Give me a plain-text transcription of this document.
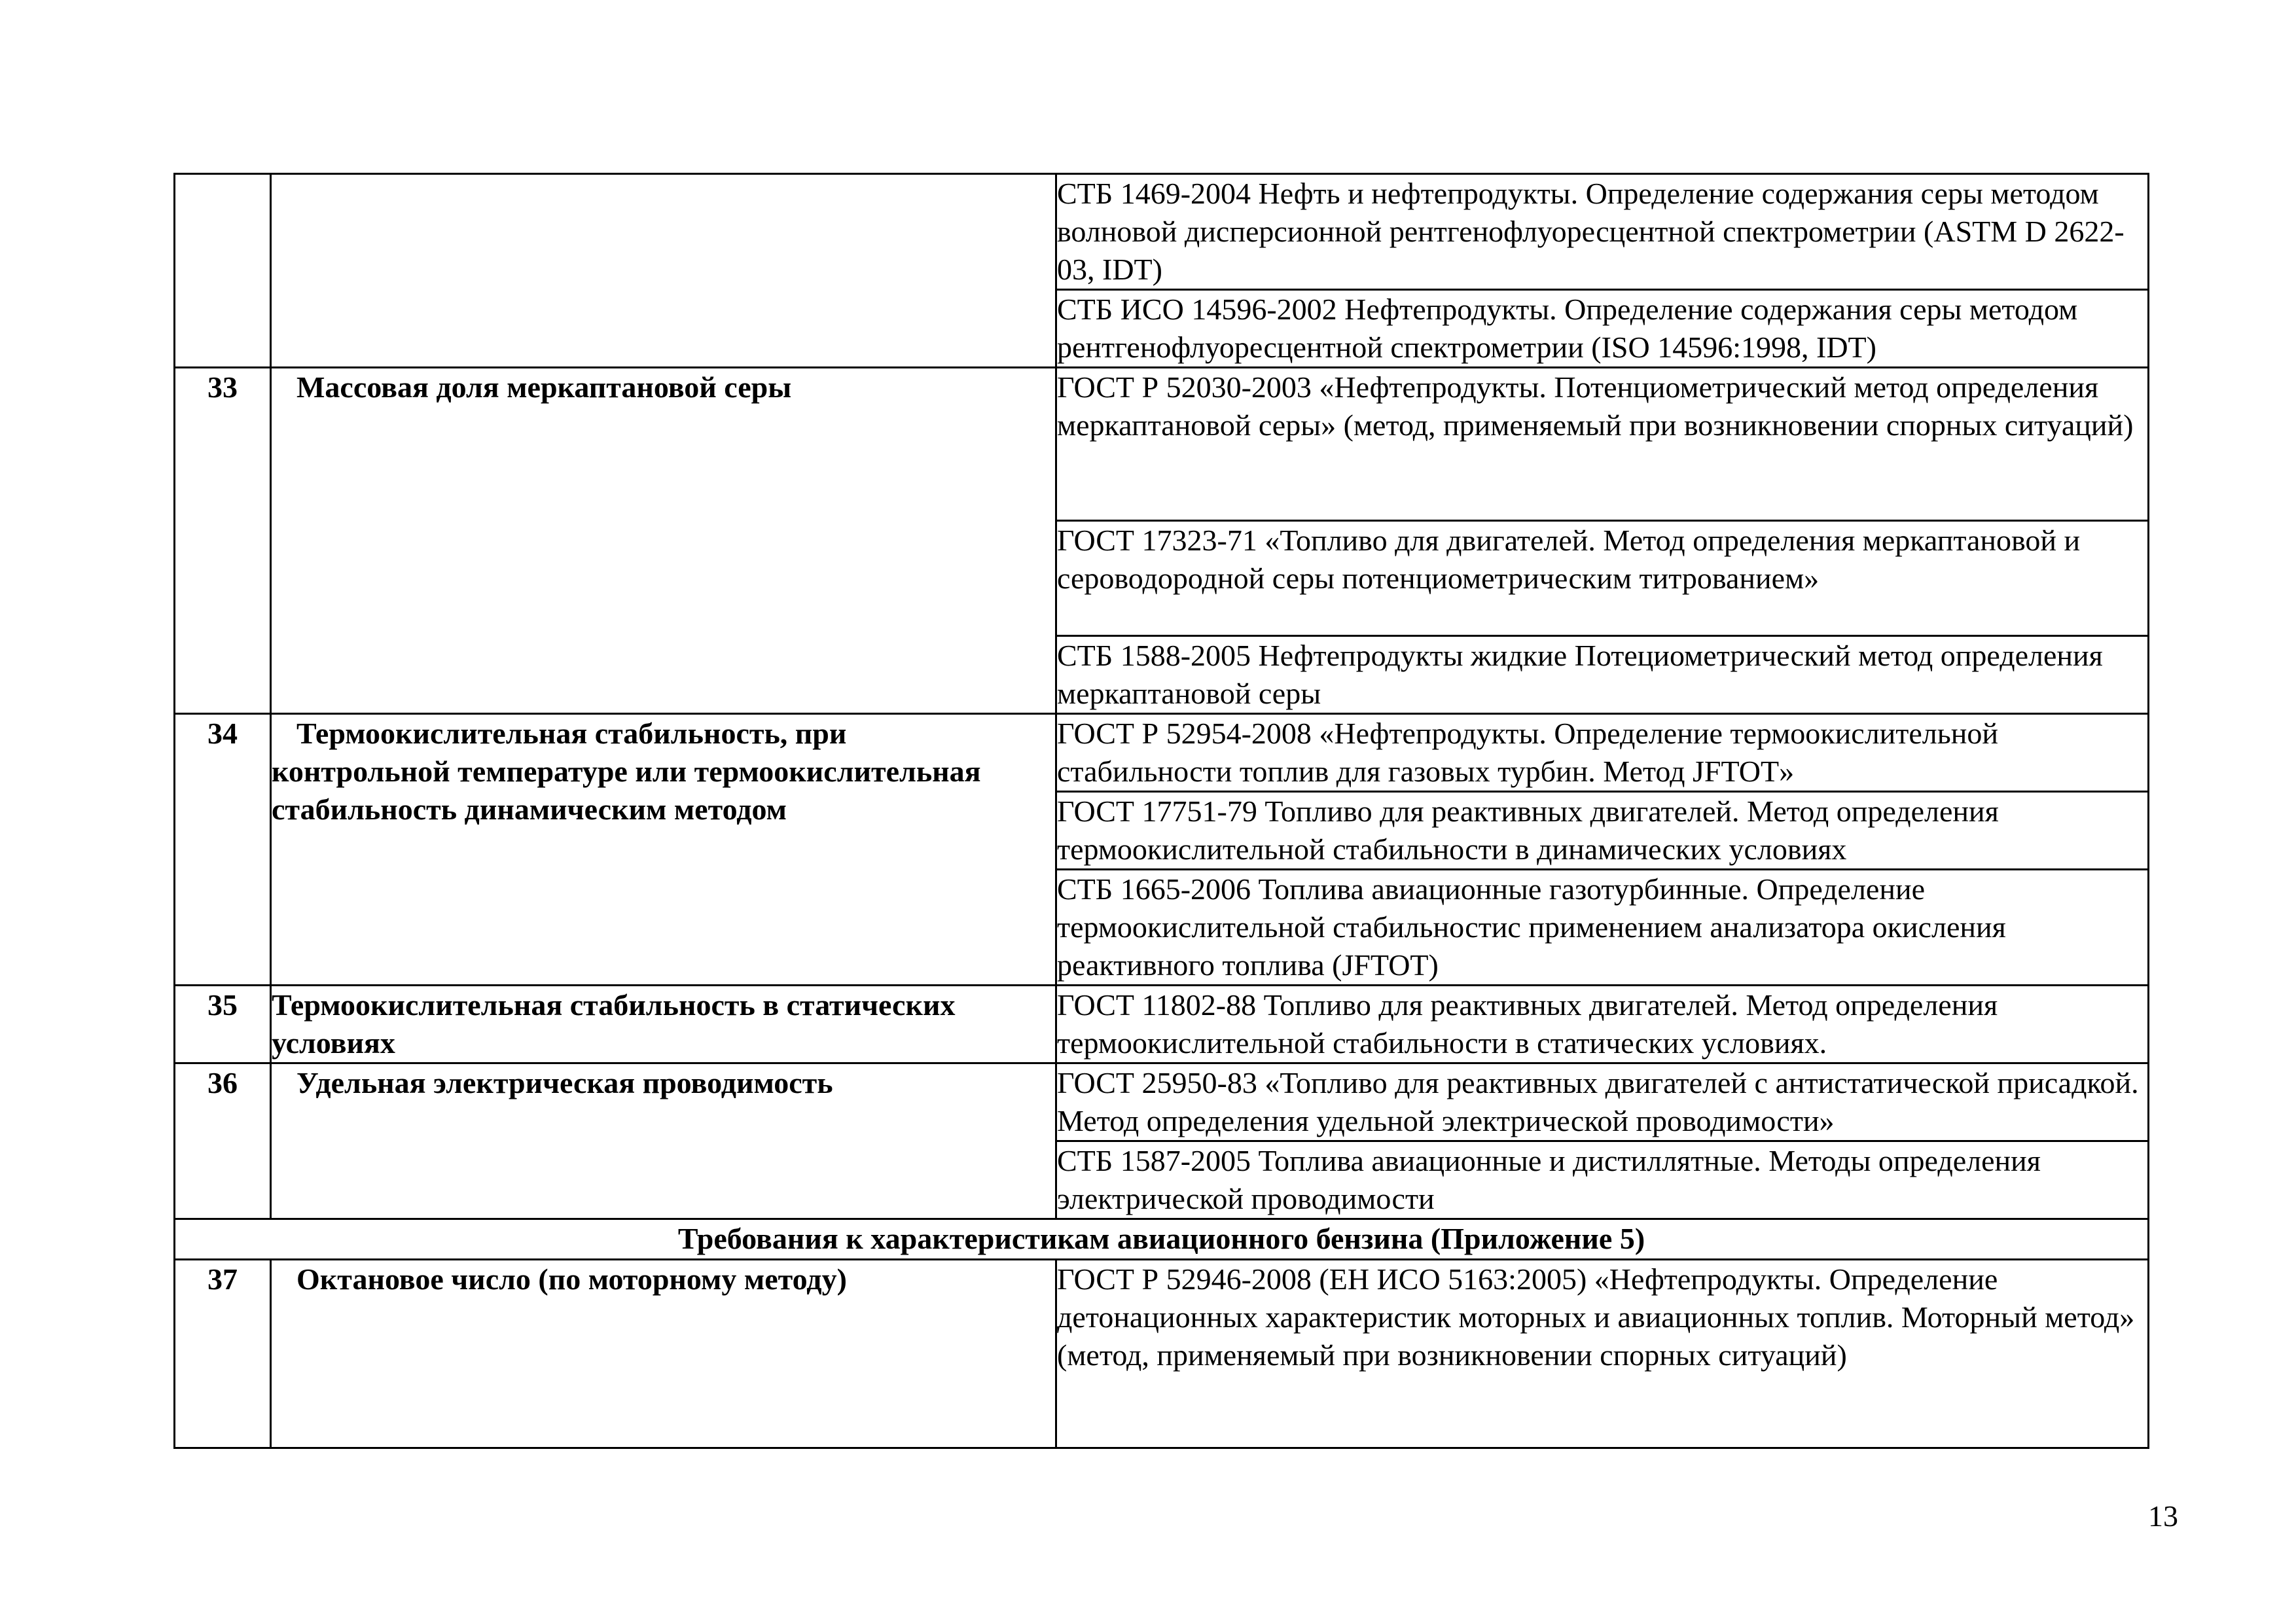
		СТБ 1469-2004 Нефть и нефтепродукты. Определение содержания серы методом волновой дисперсионной рентгенофлуоресцентной спектрометрии (ASTM D 2622-03, IDT)
		СТБ ИСО 14596-2002 Нефтепродукты. Определение содержания серы методом рентгенофлуоресцентной спектрометрии (ISO 14596:1998, IDT)
33	Массовая доля меркаптановой серы	ГОСТ Р 52030-2003 «Нефтепродукты. Потенциометрический метод определения меркаптановой серы» (метод, применяемый при возникновении спорных ситуаций)
		ГОСТ 17323-71 «Топливо для двигателей. Метод определения меркаптановой и сероводородной серы потенциометрическим титрованием»
		СТБ 1588-2005 Нефтепродукты жидкие Потециометрический метод определения меркаптановой серы
34	Термоокислительная стабильность, при
контрольной температуре или термоокислительная
стабильность динамическим методом	ГОСТ Р 52954-2008 «Нефтепродукты. Определение термоокислительной стабильности топлив для газовых турбин. Метод JFTOT»
		ГОСТ 17751-79 Топливо для реактивных двигателей. Метод определения термоокислительной стабильности в динамических условиях
		СТБ 1665-2006 Топлива авиационные газотурбинные. Определение термоокислительной стабильностис применением анализатора окисления реактивного топлива (JFTOT)
35	Термоокислительная стабильность в статических условиях	ГОСТ 11802-88 Топливо для реактивных двигателей. Метод определения термоокислительной стабильности в статических условиях.
36	Удельная электрическая проводимость	ГОСТ 25950-83 «Топливо для реактивных двигателей с антистатической присадкой. Метод определения удельной электрической проводимости»
		СТБ 1587-2005 Топлива авиационные и дистиллятные. Методы определения электрической проводимости
Требования к характеристикам авиационного бензина (Приложение 5)		
37	Октановое число (по моторному методу)	ГОСТ Р 52946-2008 (ЕН ИСО 5163:2005) «Нефтепродукты. Определение детонационных характеристик моторных и авиационных топлив. Моторный метод» (метод, применяемый при возникновении спорных ситуаций)
13
